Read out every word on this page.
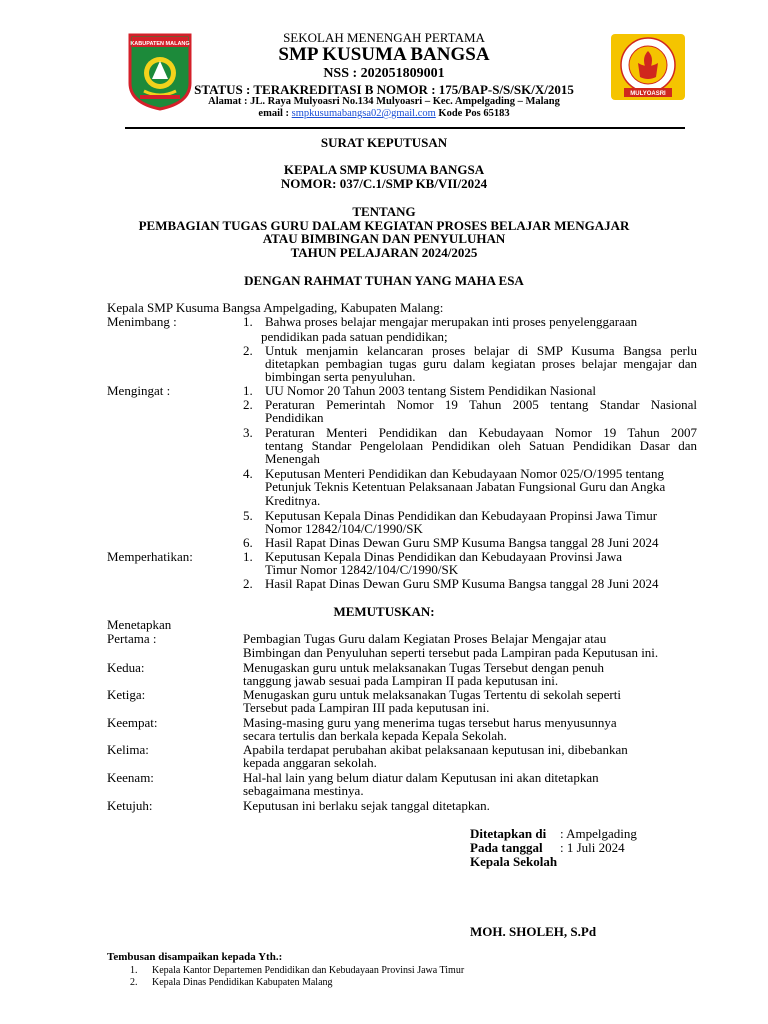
KABUPATEN MALANG
MULYOASRI
SEKOLAH MENENGAH PERTAMA
SMP KUSUMA BANGSA
NSS : 202051809001
STATUS : TERAKREDITASI B NOMOR : 175/BAP-S/S/SK/X/2015
Alamat : JL. Raya Mulyoasri No.134 Mulyoasri – Kec. Ampelgading – Malang
email : smpkusumabangsa02@gmail.com Kode Pos 65183
SURAT KEPUTUSAN
KEPALA SMP KUSUMA BANGSA
NOMOR: 037/C.1/SMP KB/VII/2024
TENTANG
PEMBAGIAN TUGAS GURU DALAM KEGIATAN PROSES BELAJAR MENGAJAR
ATAU BIMBINGAN DAN PENYULUHAN
TAHUN PELAJARAN 2024/2025
DENGAN RAHMAT TUHAN YANG MAHA ESA
Kepala SMP Kusuma Bangsa Ampelgading, Kabupaten Malang:
Menimbang :	1. Bahwa proses belajar mengajar merupakan inti proses penyelenggaraan
pendidikan pada satuan pendidikan;
2. Untuk menjamin kelancaran proses belajar di SMP Kusuma Bangsa perlu
ditetapkan pembagian tugas guru dalam kegiatan proses belajar mengajar dan
bimbingan serta penyuluhan.
Mengingat :	1. UU Nomor 20 Tahun 2003 tentang Sistem Pendidikan Nasional
2. Peraturan Pemerintah Nomor 19 Tahun 2005 tentang Standar Nasional
Pendidikan
3. Peraturan Menteri Pendidikan dan Kebudayaan Nomor 19 Tahun 2007
tentang Standar Pengelolaan Pendidikan oleh Satuan Pendidikan Dasar dan
Menengah
4. Keputusan Menteri Pendidikan dan Kebudayaan Nomor 025/O/1995 tentang
Petunjuk Teknis Ketentuan Pelaksanaan Jabatan Fungsional Guru dan Angka
Kreditnya.
5. Keputusan Kepala Dinas Pendidikan dan Kebudayaan Propinsi Jawa Timur
Nomor 12842/104/C/1990/SK
6. Hasil Rapat Dinas Dewan Guru SMP Kusuma Bangsa tanggal 28 Juni 2024
Memperhatikan:	1. Keputusan Kepala Dinas Pendidikan dan Kebudayaan Provinsi Jawa
Timur Nomor 12842/104/C/1990/SK
2. Hasil Rapat Dinas Dewan Guru SMP Kusuma Bangsa tanggal 28 Juni 2024
MEMUTUSKAN:
Menetapkan
Pertama :	Pembagian Tugas Guru dalam Kegiatan Proses Belajar Mengajar atau
Bimbingan dan Penyuluhan seperti tersebut pada Lampiran pada Keputusan ini.
Kedua:	Menugaskan guru untuk melaksanakan Tugas Tersebut dengan penuh
tanggung jawab sesuai pada Lampiran II pada keputusan ini.
Ketiga:	Menugaskan guru untuk melaksanakan Tugas Tertentu di sekolah seperti
Tersebut pada Lampiran III pada keputusan ini.
Keempat:	Masing-masing guru yang menerima tugas tersebut harus menyusunnya
secara tertulis dan berkala kepada Kepala Sekolah.
Kelima:	Apabila terdapat perubahan akibat pelaksanaan keputusan ini, dibebankan
kepada anggaran sekolah.
Keenam:	Hal-hal lain yang belum diatur dalam Keputusan ini akan ditetapkan
sebagaimana mestinya.
Ketujuh:	Keputusan ini berlaku sejak tanggal ditetapkan.
Ditetapkan di : Ampelgading
Pada tanggal : 1 Juli 2024
Kepala Sekolah
MOH. SHOLEH, S.Pd
Tembusan disampaikan kepada Yth.:
1. Kepala Kantor Departemen Pendidikan dan Kebudayaan Provinsi Jawa Timur
2. Kepala Dinas Pendidikan Kabupaten Malang
